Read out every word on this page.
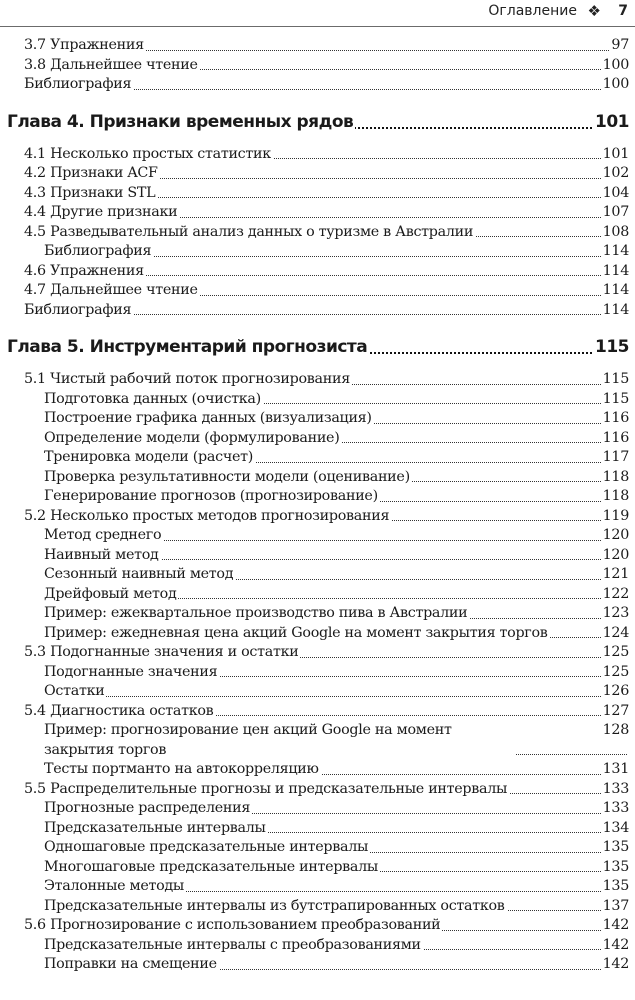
Оглавление ❖ 7
3.7 Упражнения	97
3.8 Дальнейшее чтение	100
Библиография	100
Глава 4. Признаки временных рядов	101
4.1 Несколько простых статистик	101
4.2 Признаки ACF	102
4.3 Признаки STL	104
4.4 Другие признаки	107
4.5 Разведывательный анализ данных о туризме в Австралии	108
Библиография	114
4.6 Упражнения	114
4.7 Дальнейшее чтение	114
Библиография	114
Глава 5. Инструментарий прогнозиста	115
5.1 Чистый рабочий поток прогнозирования	115
Подготовка данных (очистка)	115
Построение графика данных (визуализация)	116
Определение модели (формулирование)	116
Тренировка модели (расчет)	117
Проверка результативности модели (оценивание)	118
Генерирование прогнозов (прогнозирование)	118
5.2 Несколько простых методов прогнозирования	119
Метод среднего	120
Наивный метод	120
Сезонный наивный метод	121
Дрейфовый метод	122
Пример: ежеквартальное производство пива в Австралии	123
Пример: ежедневная цена акций Google на момент закрытия торгов	124
5.3 Подогнанные значения и остатки	125
Подогнанные значения	125
Остатки	126
5.4 Диагностика остатков	127
Пример: прогнозирование цен акций Google на момент закрытия торгов
128
Тесты портманто на автокорреляцию	131
5.5 Распределительные прогнозы и предсказательные интервалы	133
Прогнозные распределения	133
Предсказательные интервалы	134
Одношаговые предсказательные интервалы	135
Многошаговые предсказательные интервалы	135
Эталонные методы	135
Предсказательные интервалы из бутстрапированных остатков	137
5.6 Прогнозирование с использованием преобразований	142
Предсказательные интервалы с преобразованиями	142
Поправки на смещение	142
